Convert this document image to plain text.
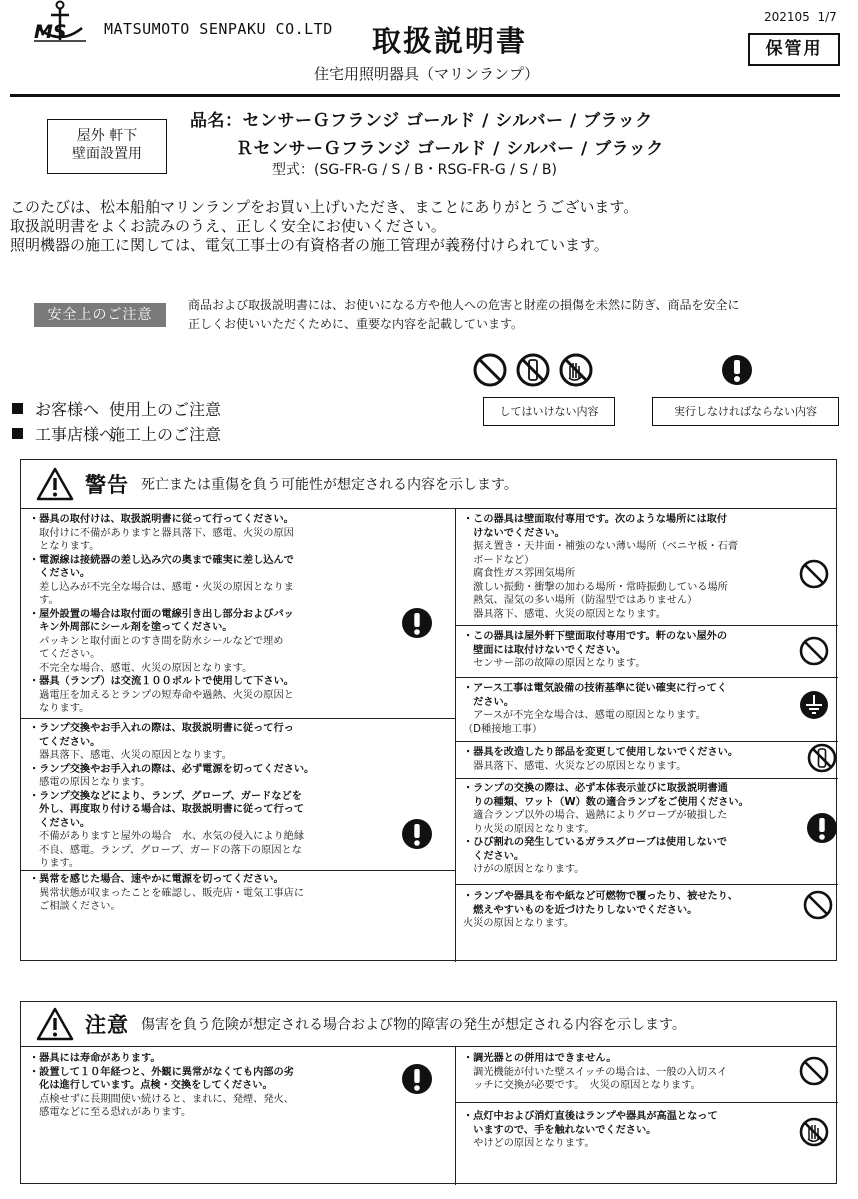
MS MATSUMOTO SENPAKU CO.LTD 取扱説明書
202105  1/7
保管用
住宅用照明器具（マリンランプ）
屋外 軒下
壁面設置用
品名：センサーＧフランジ ゴールド / シルバー / ブラック
ＲセンサーＧフランジ ゴールド / シルバー / ブラック
型式：(SG-FR-G / S / B・RSG-FR-G / S / B)
このたびは、松本船舶マリンランプをお買い上げいただき、まことにありがとうございます。
取扱説明書をよくお読みのうえ、正しく安全にお使いください。
照明機器の施工に関しては、電気工事士の有資格者の施工管理が義務付けられています。
安全上のご注意
商品および取扱説明書には、お使いになる方や他人への危害と財産の損傷を未然に防ぎ、商品を安全に
正しくお使いいただくために、重要な内容を記載しています。
してはいけない内容	実行しなければならない内容
お客様へ 使用上のご注意
工事店様へ施工上のご注意
警告 死亡または重傷を負う可能性が想定される内容を示します。
・器具の取付けは、取扱説明書に従って行ってください。
　取付けに不備がありますと器具落下、感電、火災の原因
　となります。
・電源線は接続器の差し込み穴の奥まで確実に差し込んで
　ください。
　差し込みが不完全な場合は、感電・火災の原因となりま
　す。
・屋外設置の場合は取付面の電線引き出し部分およびパッ
　キン外周部にシール剤を塗ってください。
　パッキンと取付面とのすき間を防水シールなどで埋め
　てください。
　不完全な場合、感電、火災の原因となります。
・器具（ランプ）は交流１００ボルトで使用して下さい。
　過電圧を加えるとランプの短寿命や過熱、火災の原因と
　なります。
・ランプ交換やお手入れの際は、取扱説明書に従って行っ
　てください。
　器具落下、感電、火災の原因となります。
・ランプ交換やお手入れの際は、必ず電源を切ってください。
　感電の原因となります。
・ランプ交換などにより、ランプ、グローブ、ガードなどを
　外し、再度取り付ける場合は、取扱説明書に従って行って
　ください。
　不備がありますと屋外の場合　水、水気の侵入により絶縁
　不良、感電。ランプ、グローブ、ガードの落下の原因とな
　ります。
・異常を感じた場合、速やかに電源を切ってください。
　異常状態が収まったことを確認し、販売店・電気工事店に
　ご相談ください。
・この器具は壁面取付専用です。次のような場所には取付
　けないでください。
　据え置き・天井面・補強のない薄い場所（ベニヤ板・石膏
　ボードなど）
　腐食性ガス雰囲気場所
　激しい振動・衝撃の加わる場所・常時振動している場所
　熱気、湿気の多い場所（防湿型ではありません）
　器具落下、感電、火災の原因となります。
・この器具は屋外軒下壁面取付専用です。軒のない屋外の
　壁面には取付けないでください。
　センサー部の故障の原因となります。
・アース工事は電気設備の技術基準に従い確実に行ってく
　ださい。
　アースが不完全な場合は、感電の原因となります。
（D種接地工事）
・器具を改造したり部品を変更して使用しないでください。
　器具落下、感電、火災などの原因となります。
・ランプの交換の際は、必ず本体表示並びに取扱説明書通
　りの種類、ワット（W）数の適合ランプをご使用ください。
　適合ランプ以外の場合、過熱によりグローブが破損した
　り火災の原因となります。
・ひび割れの発生しているガラスグローブは使用しないで
　ください。
　けがの原因となります。
・ランプや器具を布や紙など可燃物で覆ったり、被せたり、
　燃えやすいものを近づけたりしないでください。
火災の原因となります。
注意 傷害を負う危険が想定される場合および物的障害の発生が想定される内容を示します。
・器具には寿命があります。
・設置して１０年経つと、外観に異常がなくても内部の劣
　化は進行しています。点検・交換をしてください。
　点検せずに長期間使い続けると、まれに、発煙、発火、
　感電などに至る恐れがあります。
・調光器との併用はできません。
　調光機能が付いた壁スイッチの場合は、一般の入切スイ
　ッチに交換が必要です。　火災の原因となります。
・点灯中および消灯直後はランプや器具が高温となって
　いますので、手を触れないでください。
　やけどの原因となります。
